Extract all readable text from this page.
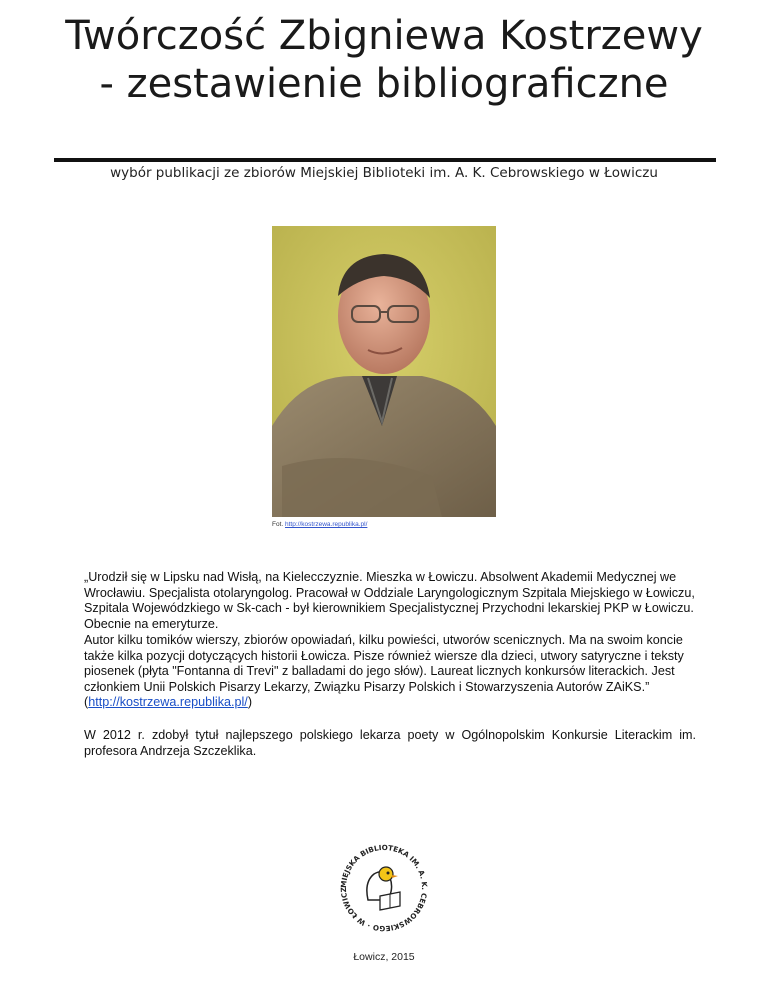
Twórczość Zbigniewa Kostrzewy
- zestawienie bibliograficzne
wybór publikacji ze zbiorów Miejskiej Biblioteki im. A. K. Cebrowskiego w Łowiczu
Fot. http://kostrzewa.republika.pl/

„Urodził się w Lipsku nad Wisłą, na Kielecczyznie. Mieszka w Łowiczu. Absolwent Akademii Medycznej we Wrocławiu. Specjalista otolaryngolog. Pracował w Oddziale Laryngologicznym Szpitala Miejskiego w Łowiczu, Szpitala Wojewódzkiego w Sk-cach - był kierownikiem Specjalistycznej Przychodni lekarskiej PKP w Łowiczu. Obecnie na emeryturze.

Autor kilku tomików wierszy, zbiorów opowiadań, kilku powieści, utworów scenicznych. Ma na swoim koncie także kilka pozycji dotyczących historii Łowicza. Pisze również wiersze dla dzieci, utwory satyryczne i teksty piosenek (płyta "Fontanna di Trevi" z balladami do jego słów). Laureat licznych konkursów literackich. Jest członkiem Unii Polskich Pisarzy Lekarzy, Związku Pisarzy Polskich i Stowarzyszenia Autorów ZAiKS.” (http://kostrzewa.republika.pl/)

W 2012 r. zdobył tytuł najlepszego polskiego lekarza poety w Ogólnopolskim Konkursie Literackim im. profesora Andrzeja Szczeklika.

MIEJSKA BIBLIOTEKA IM. A. K. CEBROWSKIEGO · W ŁOWICZ
Łowicz, 2015
